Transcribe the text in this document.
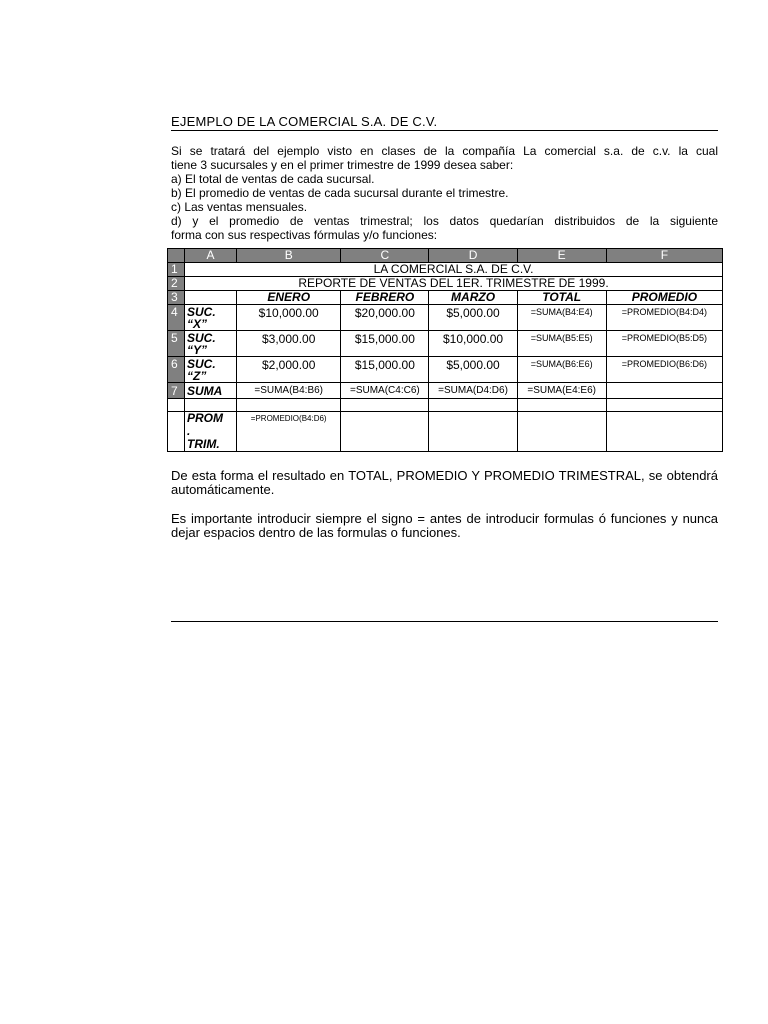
EJEMPLO DE LA COMERCIAL S.A. DE C.V.

Si se tratará del ejemplo visto en clases de la compañía La comercial s.a. de c.v. la cual

tiene 3 sucursales y en el primer trimestre de 1999 desea saber:

a) El total de ventas de cada sucursal.

b) El promedio de ventas de cada sucursal durante el trimestre.

c) Las ventas mensuales.

d) y el promedio de ventas trimestral; los datos quedarían distribuidos de la siguiente

forma con sus respectivas fórmulas y/o funciones:

	A	B	C	D	E	F
1	LA COMERCIAL S.A. DE C.V.					
2	REPORTE DE VENTAS DEL 1ER. TRIMESTRE DE 1999.					
3		ENERO	FEBRERO	MARZO	TOTAL	PROMEDIO
4	SUC.
“X”	$10,000.00	$20,000.00	$5,000.00	=SUMA(B4:E4)	=PROMEDIO(B4:D4)
5	SUC.
“Y”	$3,000.00	$15,000.00	$10,000.00	=SUMA(B5:E5)	=PROMEDIO(B5:D5)
6	SUC.
“Z”	$2,000.00	$15,000.00	$5,000.00	=SUMA(B6:E6)	=PROMEDIO(B6:D6)
7	SUMA	=SUMA(B4:B6)	=SUMA(C4:C6)	=SUMA(D4:D6)	=SUMA(E4:E6)	

	PROM
.
TRIM.	=PROMEDIO(B4:D6)				

De esta forma el resultado en TOTAL, PROMEDIO Y PROMEDIO TRIMESTRAL, se obtendrá automáticamente.

Es importante introducir siempre el signo = antes de introducir formulas ó funciones y nunca dejar espacios dentro de las formulas o funciones.
